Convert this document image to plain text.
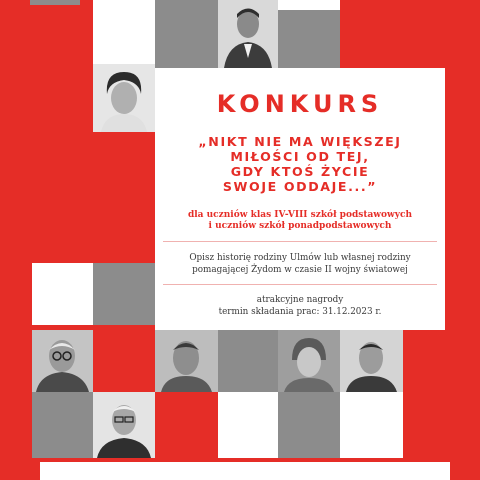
KONKURS
„NIKT NIE MA WIĘKSZEJ
MIŁOŚCI OD TEJ,
GDY KTOŚ ŻYCIE
SWOJE ODDAJE...”
dla uczniów klas IV-VIII szkół podstawowych
i uczniów szkół ponadpodstawowych
Opisz historię rodziny Ulmów lub własnej rodziny
pomagającej Żydom w czasie II wojny światowej
atrakcyjne nagrody
termin składania prac: 31.12.2023 r.
